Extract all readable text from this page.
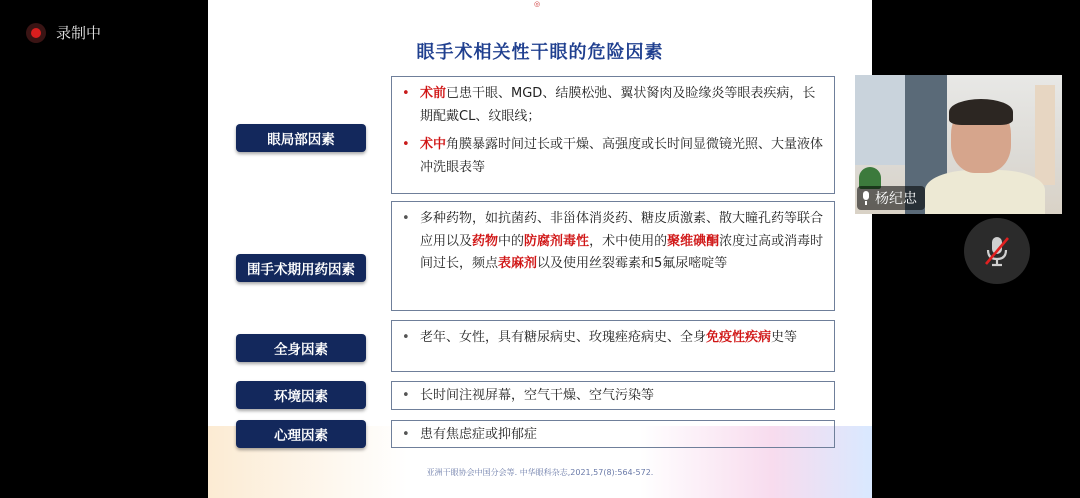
录制中
◎
眼手术相关性干眼的危险因素
眼局部因素
• 术前已患干眼、MGD、结膜松弛、翼状胬肉及睑缘炎等眼表疾病，长期配戴CL、纹眼线；
• 术中角膜暴露时间过长或干燥、高强度或长时间显微镜光照、大量液体冲洗眼表等
围手术期用药因素
• 多种药物，如抗菌药、非甾体消炎药、糖皮质激素、散大瞳孔药等联合应用以及药物中的防腐剂毒性，术中使用的聚维碘酮浓度过高或消毒时间过长，频点表麻剂以及使用丝裂霉素和5氟尿嘧啶等
全身因素
• 老年、女性，具有糖尿病史、玫瑰痤疮病史、全身免疫性疾病史等
环境因素	• 长时间注视屏幕，空气干燥、空气污染等
心理因素	• 患有焦虑症或抑郁症
亚洲干眼协会中国分会等. 中华眼科杂志,2021,57(8):564-572.
杨纪忠
